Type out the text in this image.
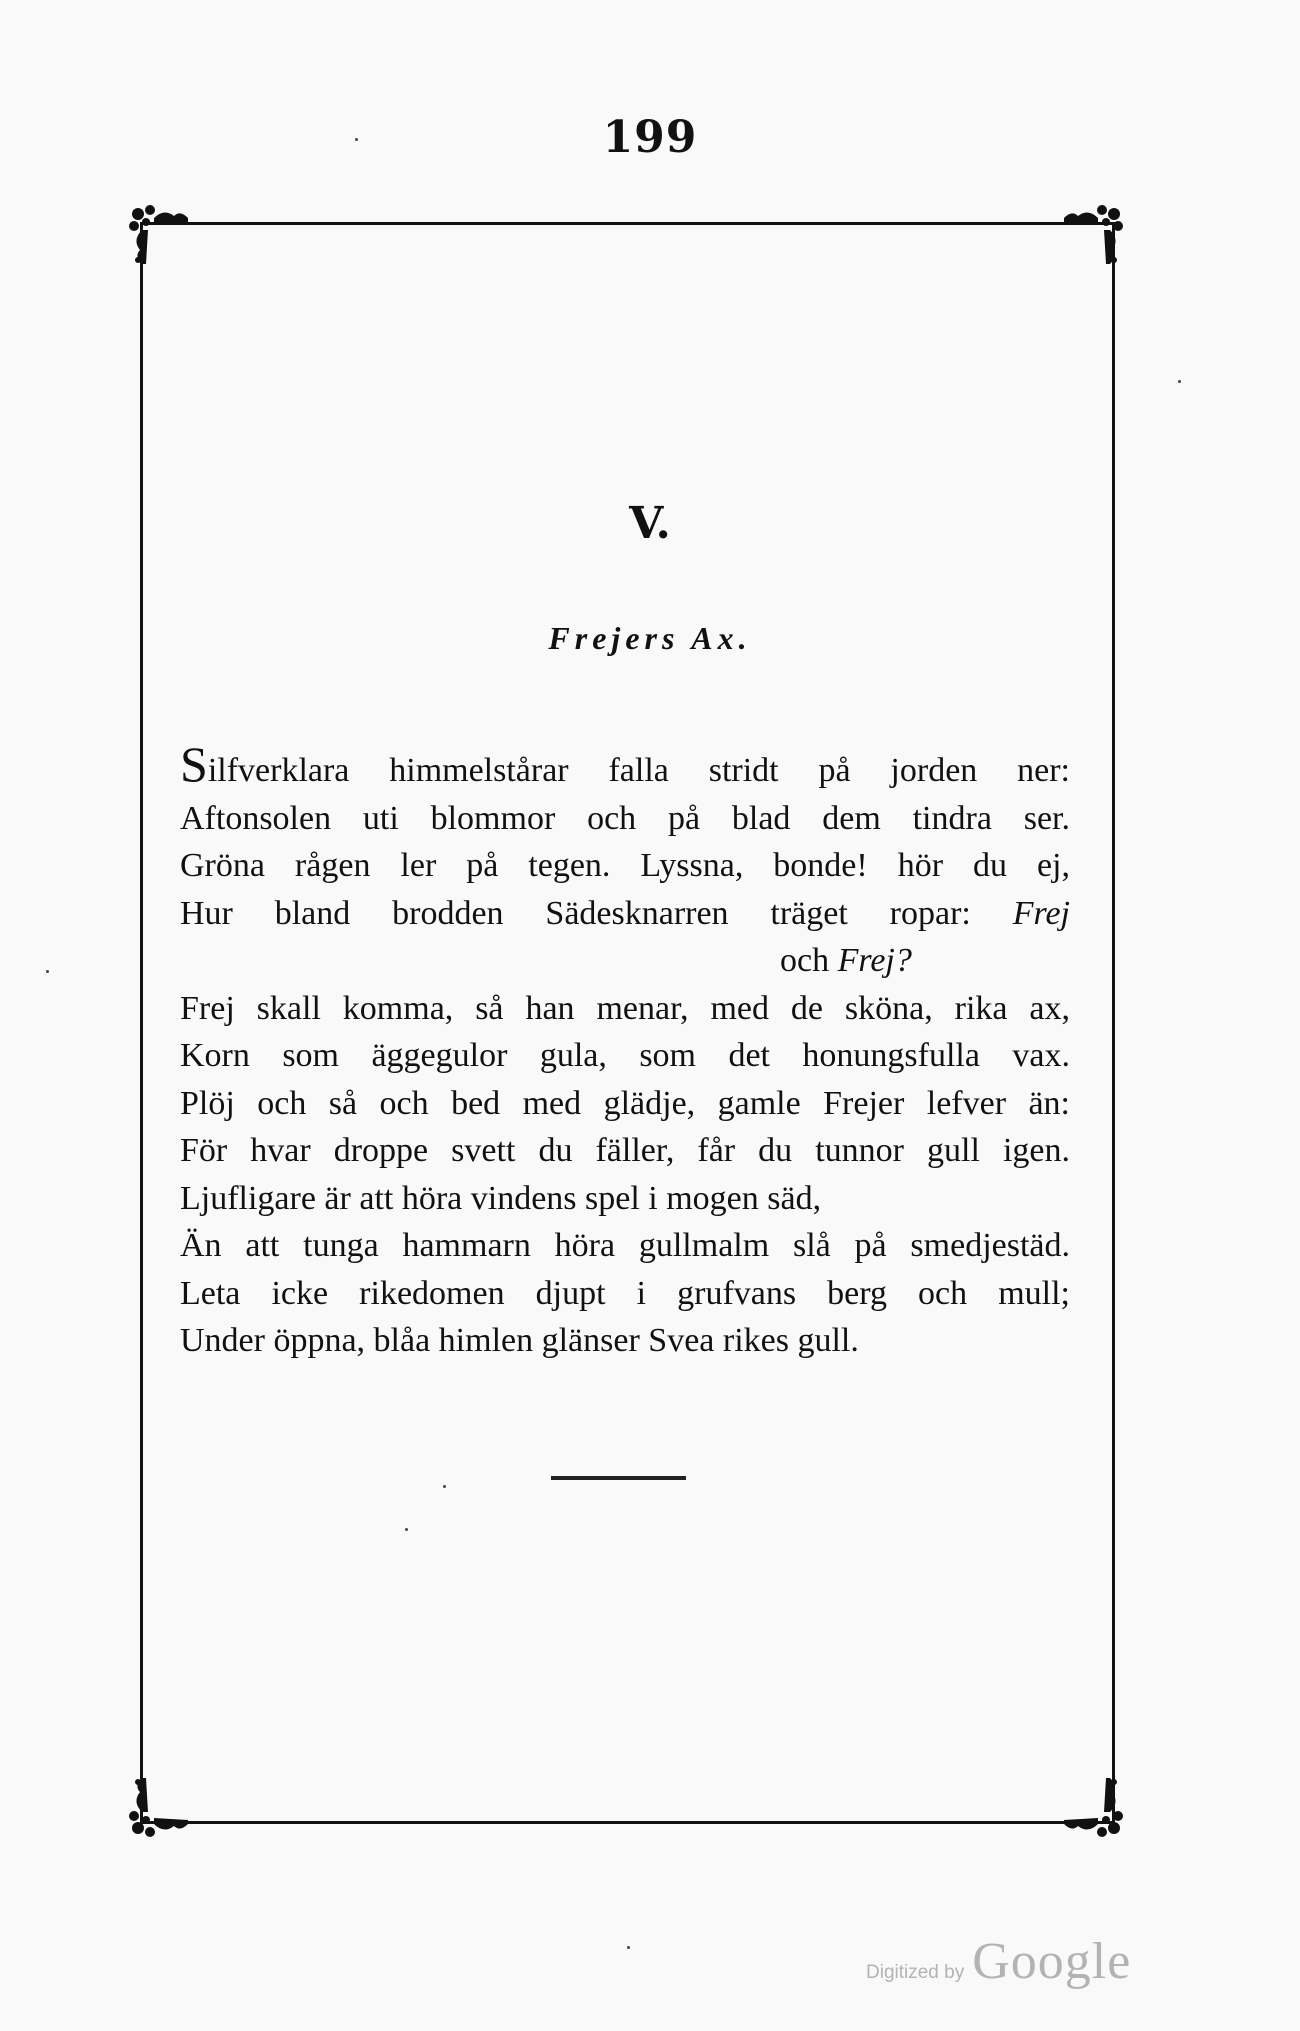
199
V.
Frejers Ax.
Silfverklara himmelstårar falla stridt på jorden ner:
Aftonsolen uti blommor och på blad dem tindra ser.
Gröna rågen ler på tegen. Lyssna, bonde! hör du ej,
Hur bland brodden Sädesknarren träget ropar: Frej
och Frej?
Frej skall komma, så han menar, med de sköna, rika ax,
Korn som äggegulor gula, som det honungsfulla vax.
Plöj och så och bed med glädje, gamle Frejer lefver än:
För hvar droppe svett du fäller, får du tunnor gull igen.
Ljufligare är att höra vindens spel i mogen säd,
Än att tunga hammarn höra gullmalm slå på smedjestäd.
Leta icke rikedomen djupt i grufvans berg och mull;
Under öppna, blåa himlen glänser Svea rikes gull.
Digitized by Google
